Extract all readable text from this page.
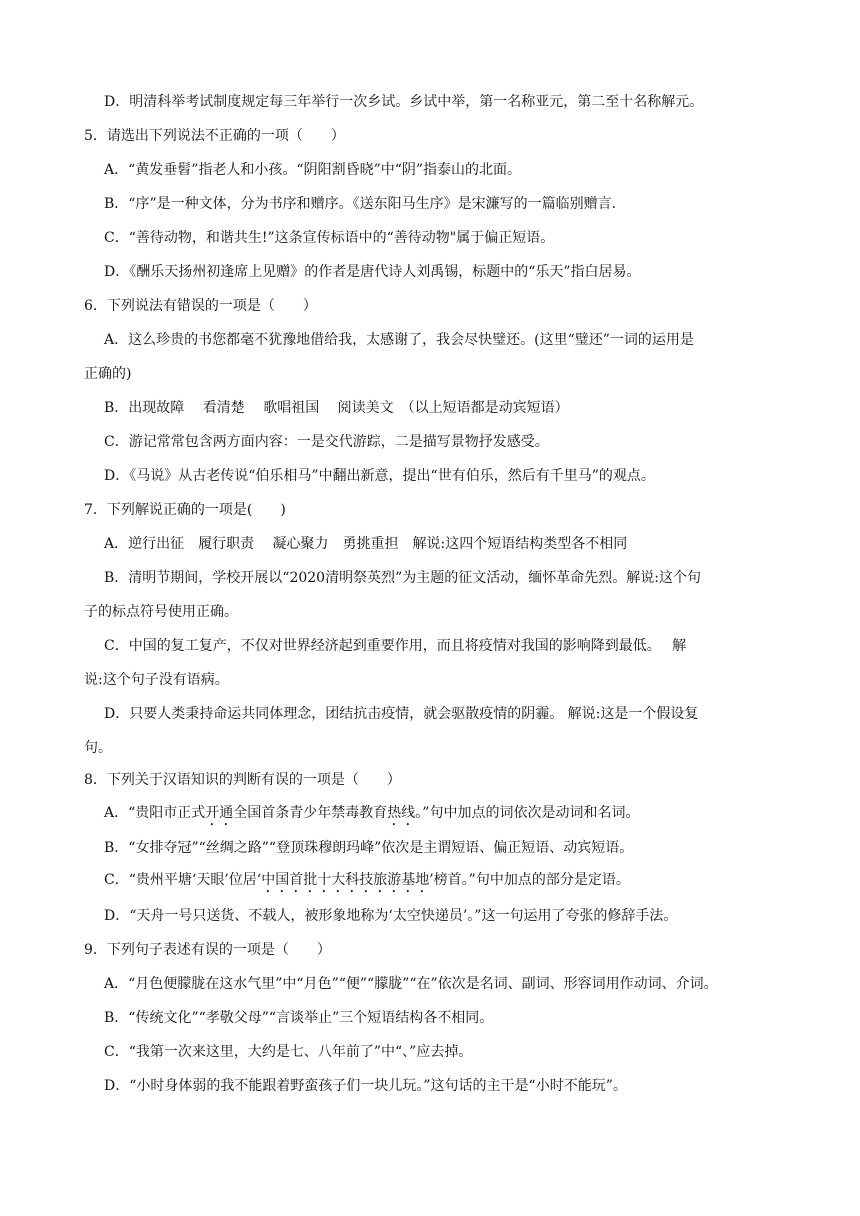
D．明清科举考试制度规定每三年举行一次乡试。乡试中举，第一名称亚元，第二至十名称解元。
5．请选出下列说法不正确的一项（　　）
A．“黄发垂髫”指老人和小孩。“阴阳割昏晓”中“阴”指泰山的北面。
B．“序”是一种文体，分为书序和赠序。《送东阳马生序》是宋濂写的一篇临别赠言.
C．“善待动物，和谐共生!”这条宣传标语中的“善待动物"属于偏正短语。
D．《酬乐天扬州初逢席上见赠》的作者是唐代诗人刘禹锡，标题中的“乐天”指白居易。
6．下列说法有错误的一项是（　　）
A．这么珍贵的书您都毫不犹豫地借给我，太感谢了，我会尽快璧还。(这里“璧还”一词的运用是
正确的)
B．出现故障　 看清楚　 歌唱祖国　 阅读美文　（以上短语都是动宾短语）
C．游记常常包含两方面内容：一是交代游踪，二是描写景物抒发感受。
D．《马说》从古老传说“伯乐相马”中翻出新意，提出“世有伯乐，然后有千里马”的观点。
7．下列解说正确的一项是(　　)
A．逆行出征　履行职责　 凝心聚力　勇挑重担　解说:这四个短语结构类型各不相同
B．清明节期间，学校开展以“2020清明祭英烈”为主题的征文活动，缅怀革命先烈。解说:这个句
子的标点符号使用正确。
C．中国的复工复产，不仅对世界经济起到重要作用，而且将疫情对我国的影响降到最低。　 解
说:这个句子没有语病。
D．只要人类秉持命运共同体理念，团结抗击疫情，就会驱散疫情的阴霾。 解说:这是一个假设复
句。
8．下列关于汉语知识的判断有误的一项是（　　）
A．“贵阳市正式开通全国首条青少年禁毒教育热线。”句中加点的词依次是动词和名词。
B．“女排夺冠”“丝绸之路”“登顶珠穆朗玛峰”依次是主谓短语、偏正短语、动宾短语。
C．“贵州平塘‘天眼’位居‘中国首批十大科技旅游基地’榜首。”句中加点的部分是定语。
D．“天舟一号只送货、不载人，被形象地称为‘太空快递员’。”这一句运用了夸张的修辞手法。
9．下列句子表述有误的一项是（　　）
A．“月色便朦胧在这水气里”中“月色”“便”“朦胧”“在”依次是名词、副词、形容词用作动词、介词。
B．“传统文化”“孝敬父母”“言谈举止”三个短语结构各不相同。
C．“我第一次来这里，大约是七、八年前了”中“、”应去掉。
D．“小时身体弱的我不能跟着野蛮孩子们一块儿玩。”这句话的主干是“小时不能玩”。
